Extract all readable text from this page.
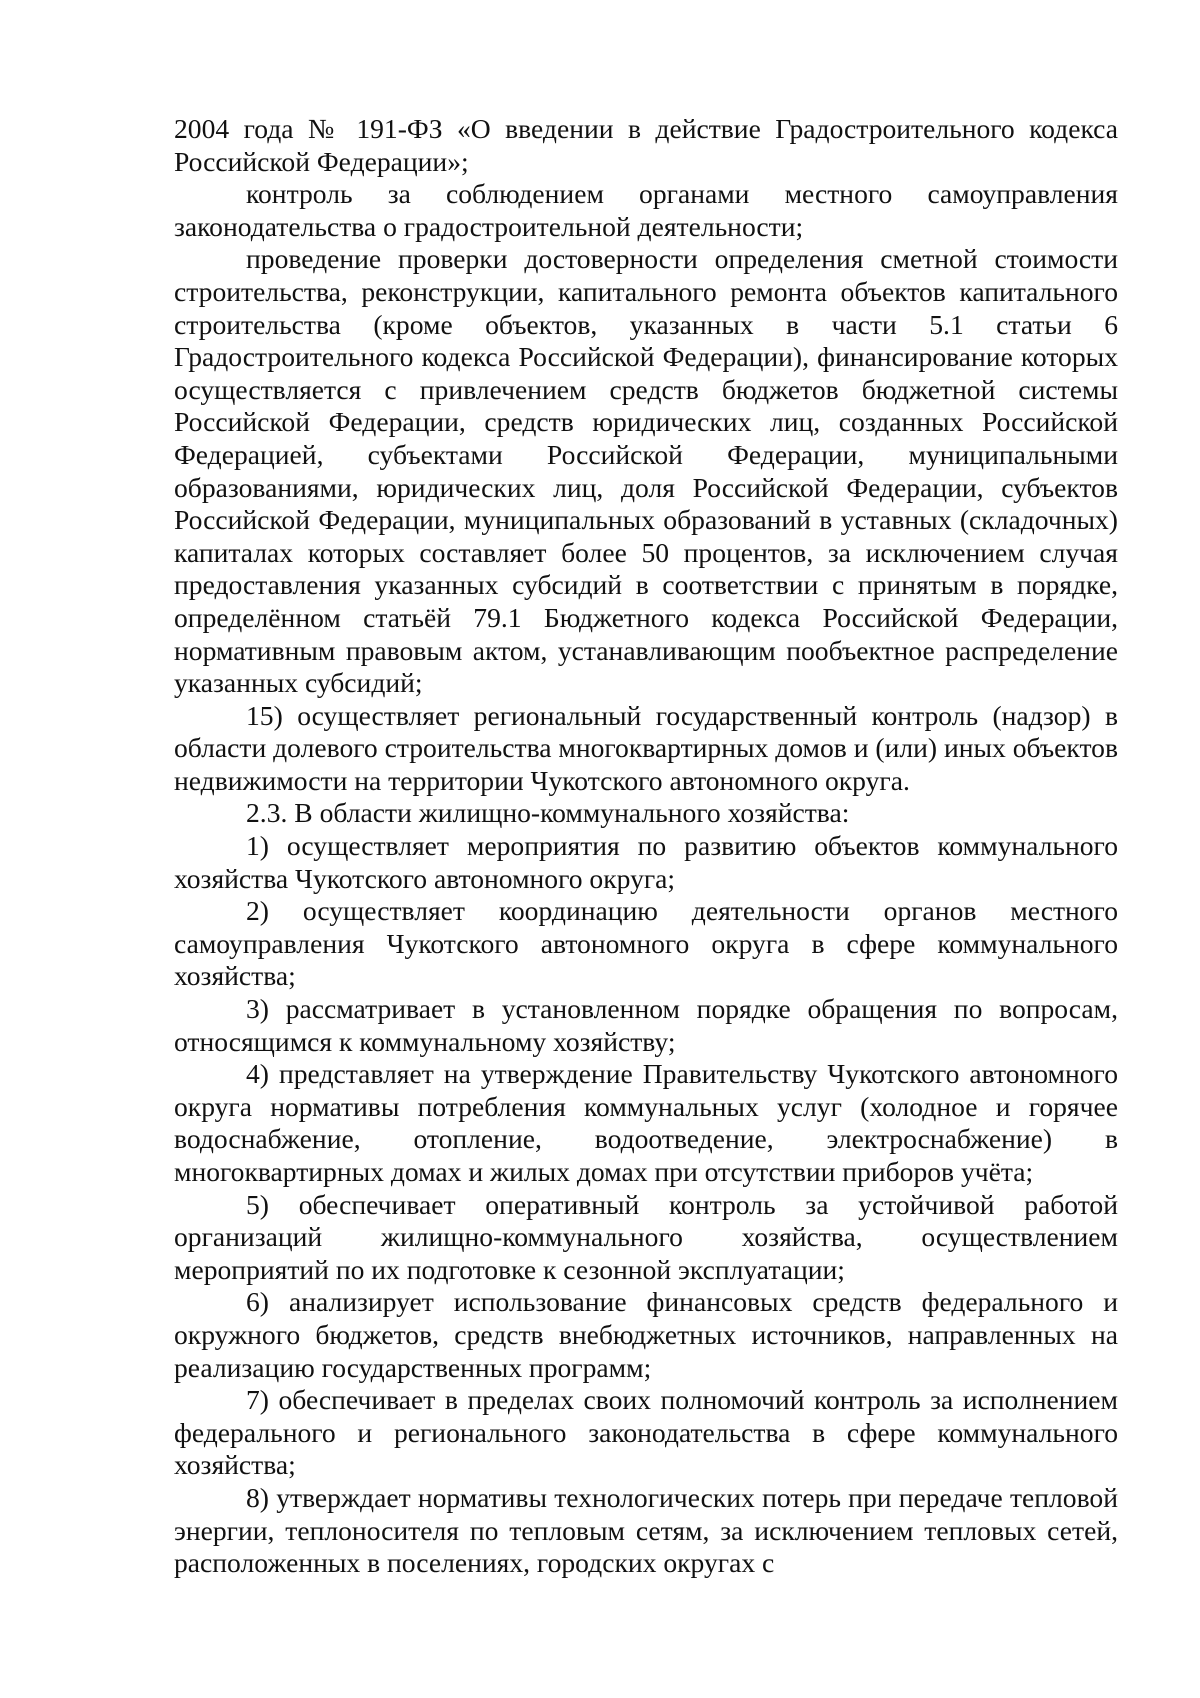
2004 года № 191-ФЗ «О введении в действие Градостроительного кодекса Российской Федерации»;

контроль за соблюдением органами местного самоуправления законодательства о градостроительной деятельности;

проведение проверки достоверности определения сметной стоимости строительства, реконструкции, капитального ремонта объектов капитального строительства (кроме объектов, указанных в части 5.1 статьи 6 Градостроительного кодекса Российской Федерации), финансирование которых осуществляется с привлечением средств бюджетов бюджетной системы Российской Федерации, средств юридических лиц, созданных Российской Федерацией, субъектами Российской Федерации, муниципальными образованиями, юридических лиц, доля Российской Федерации, субъектов Российской Федерации, муниципальных образований в уставных (складочных) капиталах которых составляет более 50 процентов, за исключением случая предоставления указанных субсидий в соответствии с принятым в порядке, определённом статьёй 79.1 Бюджетного кодекса Российской Федерации, нормативным правовым актом, устанавливающим пообъектное распределение указанных субсидий;

15) осуществляет региональный государственный контроль (надзор) в области долевого строительства многоквартирных домов и (или) иных объектов недвижимости на территории Чукотского автономного округа.

2.3. В области жилищно-коммунального хозяйства:

1) осуществляет мероприятия по развитию объектов коммунального хозяйства Чукотского автономного округа;

2) осуществляет координацию деятельности органов местного самоуправления Чукотского автономного округа в сфере коммунального хозяйства;

3) рассматривает в установленном порядке обращения по вопросам, относящимся к коммунальному хозяйству;

4) представляет на утверждение Правительству Чукотского автономного округа нормативы потребления коммунальных услуг (холодное и горячее водоснабжение, отопление, водоотведение, электроснабжение) в многоквартирных домах и жилых домах при отсутствии приборов учёта;

5) обеспечивает оперативный контроль за устойчивой работой организаций жилищно-коммунального хозяйства, осуществлением мероприятий по их подготовке к сезонной эксплуатации;

6) анализирует использование финансовых средств федерального и окружного бюджетов, средств внебюджетных источников, направленных на реализацию государственных программ;

7) обеспечивает в пределах своих полномочий контроль за исполнением федерального и регионального законодательства в сфере коммунального хозяйства;

8) утверждает нормативы технологических потерь при передаче тепловой энергии, теплоносителя по тепловым сетям, за исключением тепловых сетей, расположенных в поселениях, городских округах с
